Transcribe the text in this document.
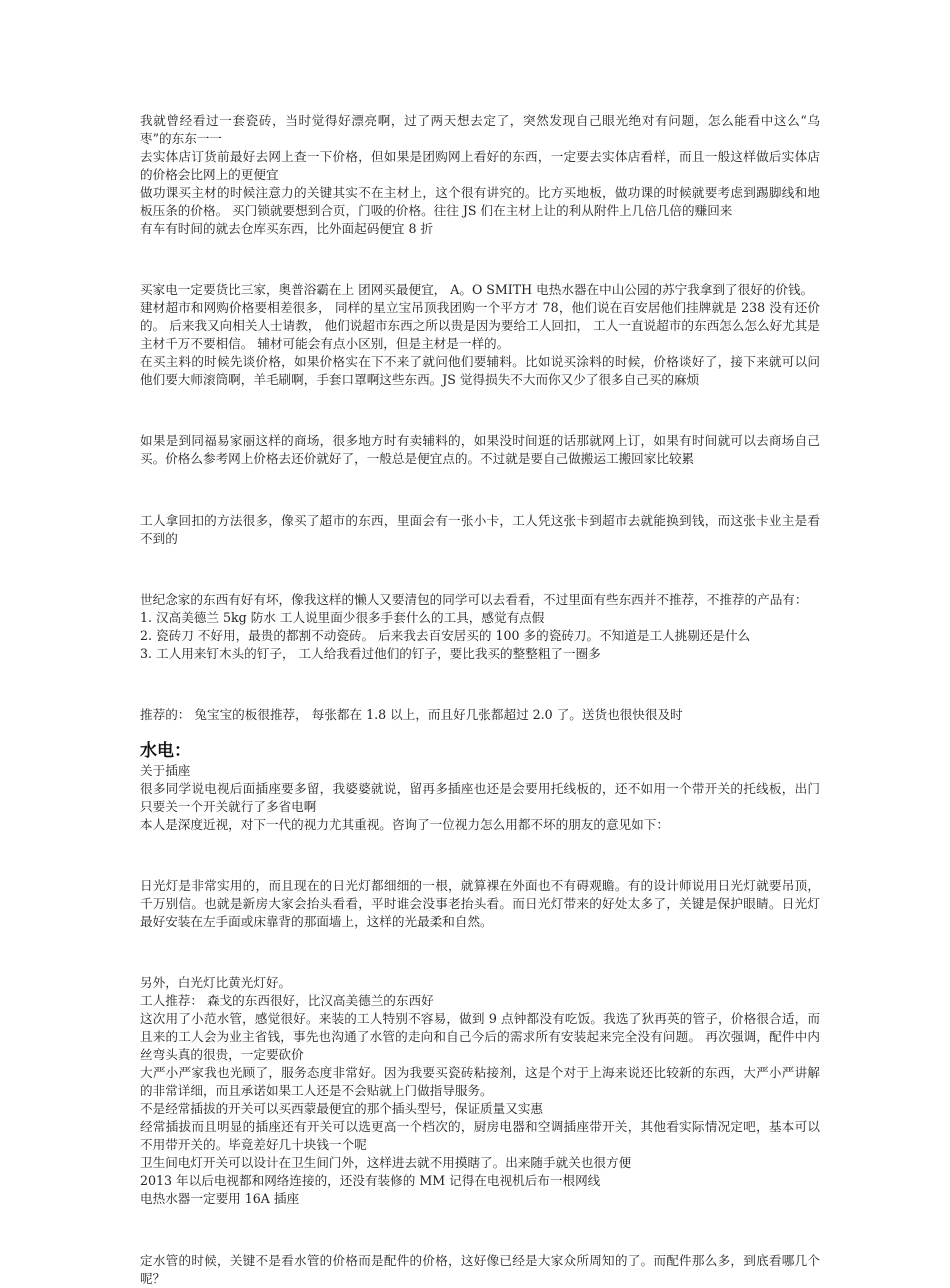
我就曾经看过一套瓷砖，当时觉得好漂亮啊，过了两天想去定了，突然发现自己眼光绝对有问题，怎么能看中这么“乌枣”的东东一一

去实体店订货前最好去网上查一下价格，但如果是团购网上看好的东西，一定要去实体店看样，而且一般这样做后实体店的价格会比网上的更便宜

做功课买主材的时候注意力的关键其实不在主材上，这个很有讲究的。比方买地板，做功课的时候就要考虑到踢脚线和地板压条的价格。 买门锁就要想到合页，门吸的价格。往往 JS 们在主材上让的利从附件上几倍几倍的赚回来

有车有时间的就去仓库买东西，比外面起码便宜 8 折

买家电一定要货比三家，奥普浴霸在上 团网买最便宜， A。O SMITH 电热水器在中山公园的苏宁我拿到了很好的价钱。

建材超市和网购价格要相差很多， 同样的星立宝吊顶我团购一个平方才 78，他们说在百安居他们挂牌就是 238 没有还价的。 后来我又向相关人士请教， 他们说超市东西之所以贵是因为要给工人回扣， 工人一直说超市的东西怎么怎么好尤其是主材千万不要相信。 辅材可能会有点小区别，但是主材是一样的。

在买主料的时候先谈价格，如果价格实在下不来了就问他们要辅料。比如说买涂料的时候，价格谈好了，接下来就可以问他们要大师滚筒啊，羊毛刷啊，手套口罩啊这些东西。JS 觉得损失不大而你又少了很多自己买的麻烦

如果是到同福易家丽这样的商场，很多地方时有卖辅料的，如果没时间逛的话那就网上订，如果有时间就可以去商场自己买。价格么参考网上价格去还价就好了，一般总是便宜点的。不过就是要自己做搬运工搬回家比较累

工人拿回扣的方法很多，像买了超市的东西，里面会有一张小卡，工人凭这张卡到超市去就能换到钱，而这张卡业主是看不到的

世纪念家的东西有好有坏，像我这样的懒人又要清包的同学可以去看看，不过里面有些东西并不推荐，不推荐的产品有：

1. 汉高美德兰 5kg 防水 工人说里面少很多手套什么的工具，感觉有点假

2. 瓷砖刀 不好用，最贵的都割不动瓷砖。 后来我去百安居买的 100 多的瓷砖刀。不知道是工人挑剔还是什么

3. 工人用来钉木头的钉子， 工人给我看过他们的钉子，要比我买的整整粗了一圈多

推荐的： 兔宝宝的板很推荐， 每张都在 1.8 以上，而且好几张都超过 2.0 了。送货也很快很及时

水电：

关于插座

很多同学说电视后面插座要多留，我婆婆就说，留再多插座也还是会要用托线板的，还不如用一个带开关的托线板，出门只要关一个开关就行了多省电啊

本人是深度近视，对下一代的视力尤其重视。咨询了一位视力怎么用都不坏的朋友的意见如下：

日光灯是非常实用的，而且现在的日光灯都细细的一根，就算裸在外面也不有碍观瞻。有的设计师说用日光灯就要吊顶，千万别信。也就是新房大家会抬头看看，平时谁会没事老抬头看。而日光灯带来的好处太多了，关键是保护眼睛。日光灯最好安装在左手面或床靠背的那面墙上，这样的光最柔和自然。

另外，白光灯比黄光灯好。

工人推荐： 森戈的东西很好，比汉高美德兰的东西好

这次用了小范水管，感觉很好。来装的工人特别不容易，做到 9 点钟都没有吃饭。我选了狄再英的管子，价格很合适，而且来的工人会为业主省钱，事先也沟通了水管的走向和自己今后的需求所有安装起来完全没有问题。 再次强调，配件中内丝弯头真的很贵，一定要砍价

大严小严家我也光顾了，服务态度非常好。因为我要买瓷砖粘接剂，这是个对于上海来说还比较新的东西，大严小严讲解的非常详细，而且承诺如果工人还是不会贴就上门做指导服务。

不是经常插拔的开关可以买西蒙最便宜的那个插头型号，保证质量又实惠

经常插拔而且明显的插座还有开关可以选更高一个档次的，厨房电器和空调插座带开关，其他看实际情况定吧，基本可以不用带开关的。毕竟差好几十块钱一个呢

卫生间电灯开关可以设计在卫生间门外，这样进去就不用摸瞎了。出来随手就关也很方便

2013 年以后电视都和网络连接的，还没有装修的 MM 记得在电视机后布一根网线

电热水器一定要用 16A 插座

定水管的时候，关键不是看水管的价格而是配件的价格，这好像已经是大家众所周知的了。而配件那么多，到底看哪几个呢？
